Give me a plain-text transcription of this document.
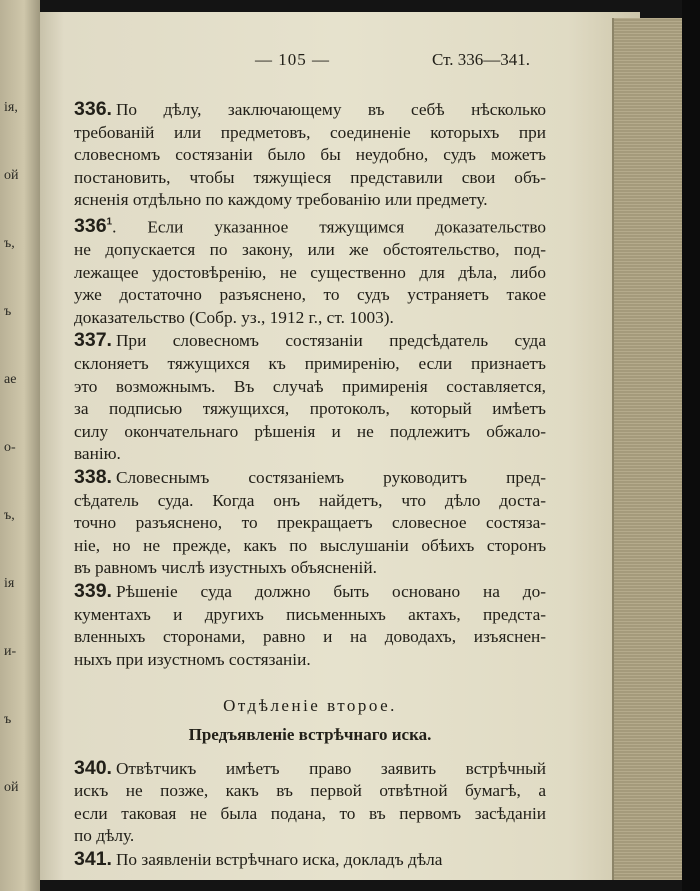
ія,
ой
ъ,
ъ
ае
о-
ъ,
ія
и-
ъ
ой
— 105 —	Ст. 336—341.
336. По дѣлу, заключающему въ себѣ нѣсколько
требованій или предметовъ, соединеніе которыхъ при
словесномъ состязаніи было бы неудобно, судъ можетъ
постановить, чтобы тяжущіеся представили свои объ-
ясненія отдѣльно по каждому требованію или предмету.
$336^1$. Если указанное тяжущимся доказательство
не допускается по закону, или же обстоятельство, под-
лежащее удостовѣренію, не существенно для дѣла, либо
уже достаточно разъяснено, то судъ устраняетъ такое
доказательство (Собр. уз., 1912 г., ст. 1003).
337. При словесномъ состязаніи предсѣдатель суда
склоняетъ тяжущихся къ примиренію, если признаетъ
это возможнымъ. Въ случаѣ примиренія составляется,
за подписью тяжущихся, протоколъ, который имѣетъ
силу окончательнаго рѣшенія и не подлежитъ обжало-
ванію.
338. Словеснымъ состязаніемъ руководитъ пред-
сѣдатель суда. Когда онъ найдетъ, что дѣло доста-
точно разъяснено, то прекращаетъ словесное состяза-
ніе, но не прежде, какъ по выслушаніи обѣихъ сторонъ
въ равномъ числѣ изустныхъ объясненій.
339. Рѣшеніе суда должно быть основано на до-
кументахъ и другихъ письменныхъ актахъ, предста-
вленныхъ сторонами, равно и на доводахъ, изъяснен-
ныхъ при изустномъ состязаніи.
Отдѣленіе второе.
Предъявленіе встрѣчнаго иска.
340. Отвѣтчикъ имѣетъ право заявить встрѣчный
искъ не позже, какъ въ первой отвѣтной бумагѣ, а
если таковая не была подана, то въ первомъ засѣданіи
по дѣлу.
341. По заявленіи встрѣчнаго иска, докладъ дѣла
